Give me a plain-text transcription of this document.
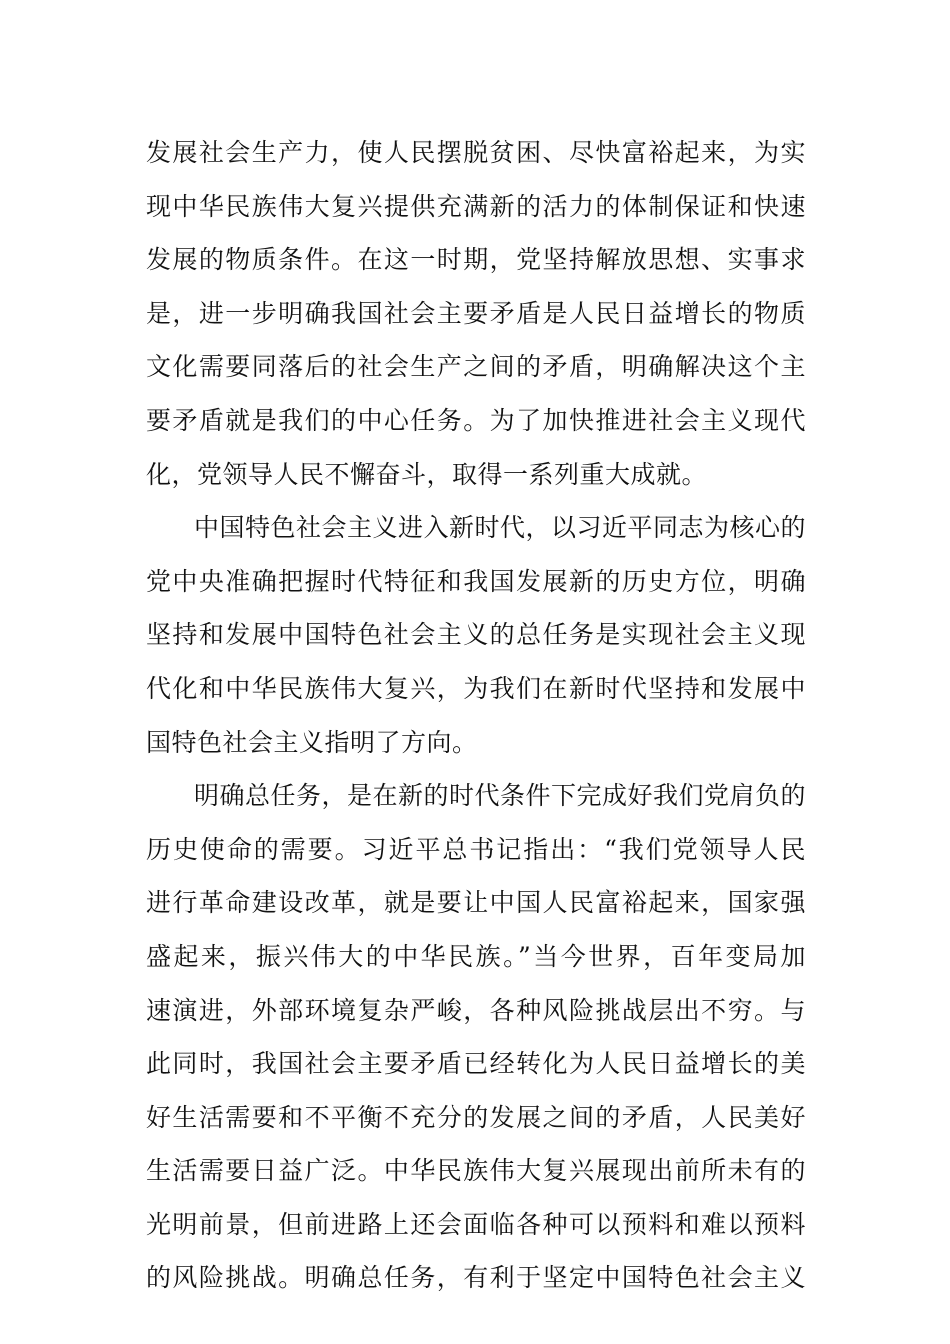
发展社会生产力，使人民摆脱贫困、尽快富裕起来，为实
现中华民族伟大复兴提供充满新的活力的体制保证和快速
发展的物质条件。在这一时期，党坚持解放思想、实事求
是，进一步明确我国社会主要矛盾是人民日益增长的物质
文化需要同落后的社会生产之间的矛盾，明确解决这个主
要矛盾就是我们的中心任务。为了加快推进社会主义现代
化，党领导人民不懈奋斗，取得一系列重大成就。
中国特色社会主义进入新时代，以习近平同志为核心的
党中央准确把握时代特征和我国发展新的历史方位，明确
坚持和发展中国特色社会主义的总任务是实现社会主义现
代化和中华民族伟大复兴，为我们在新时代坚持和发展中
国特色社会主义指明了方向。
明确总任务，是在新的时代条件下完成好我们党肩负的
历史使命的需要。习近平总书记指出：“我们党领导人民
进行革命建设改革，就是要让中国人民富裕起来，国家强
盛起来，振兴伟大的中华民族。”当今世界，百年变局加
速演进，外部环境复杂严峻，各种风险挑战层出不穷。与
此同时，我国社会主要矛盾已经转化为人民日益增长的美
好生活需要和不平衡不充分的发展之间的矛盾，人民美好
生活需要日益广泛。中华民族伟大复兴展现出前所未有的
光明前景，但前进路上还会面临各种可以预料和难以预料
的风险挑战。明确总任务，有利于坚定中国特色社会主义
